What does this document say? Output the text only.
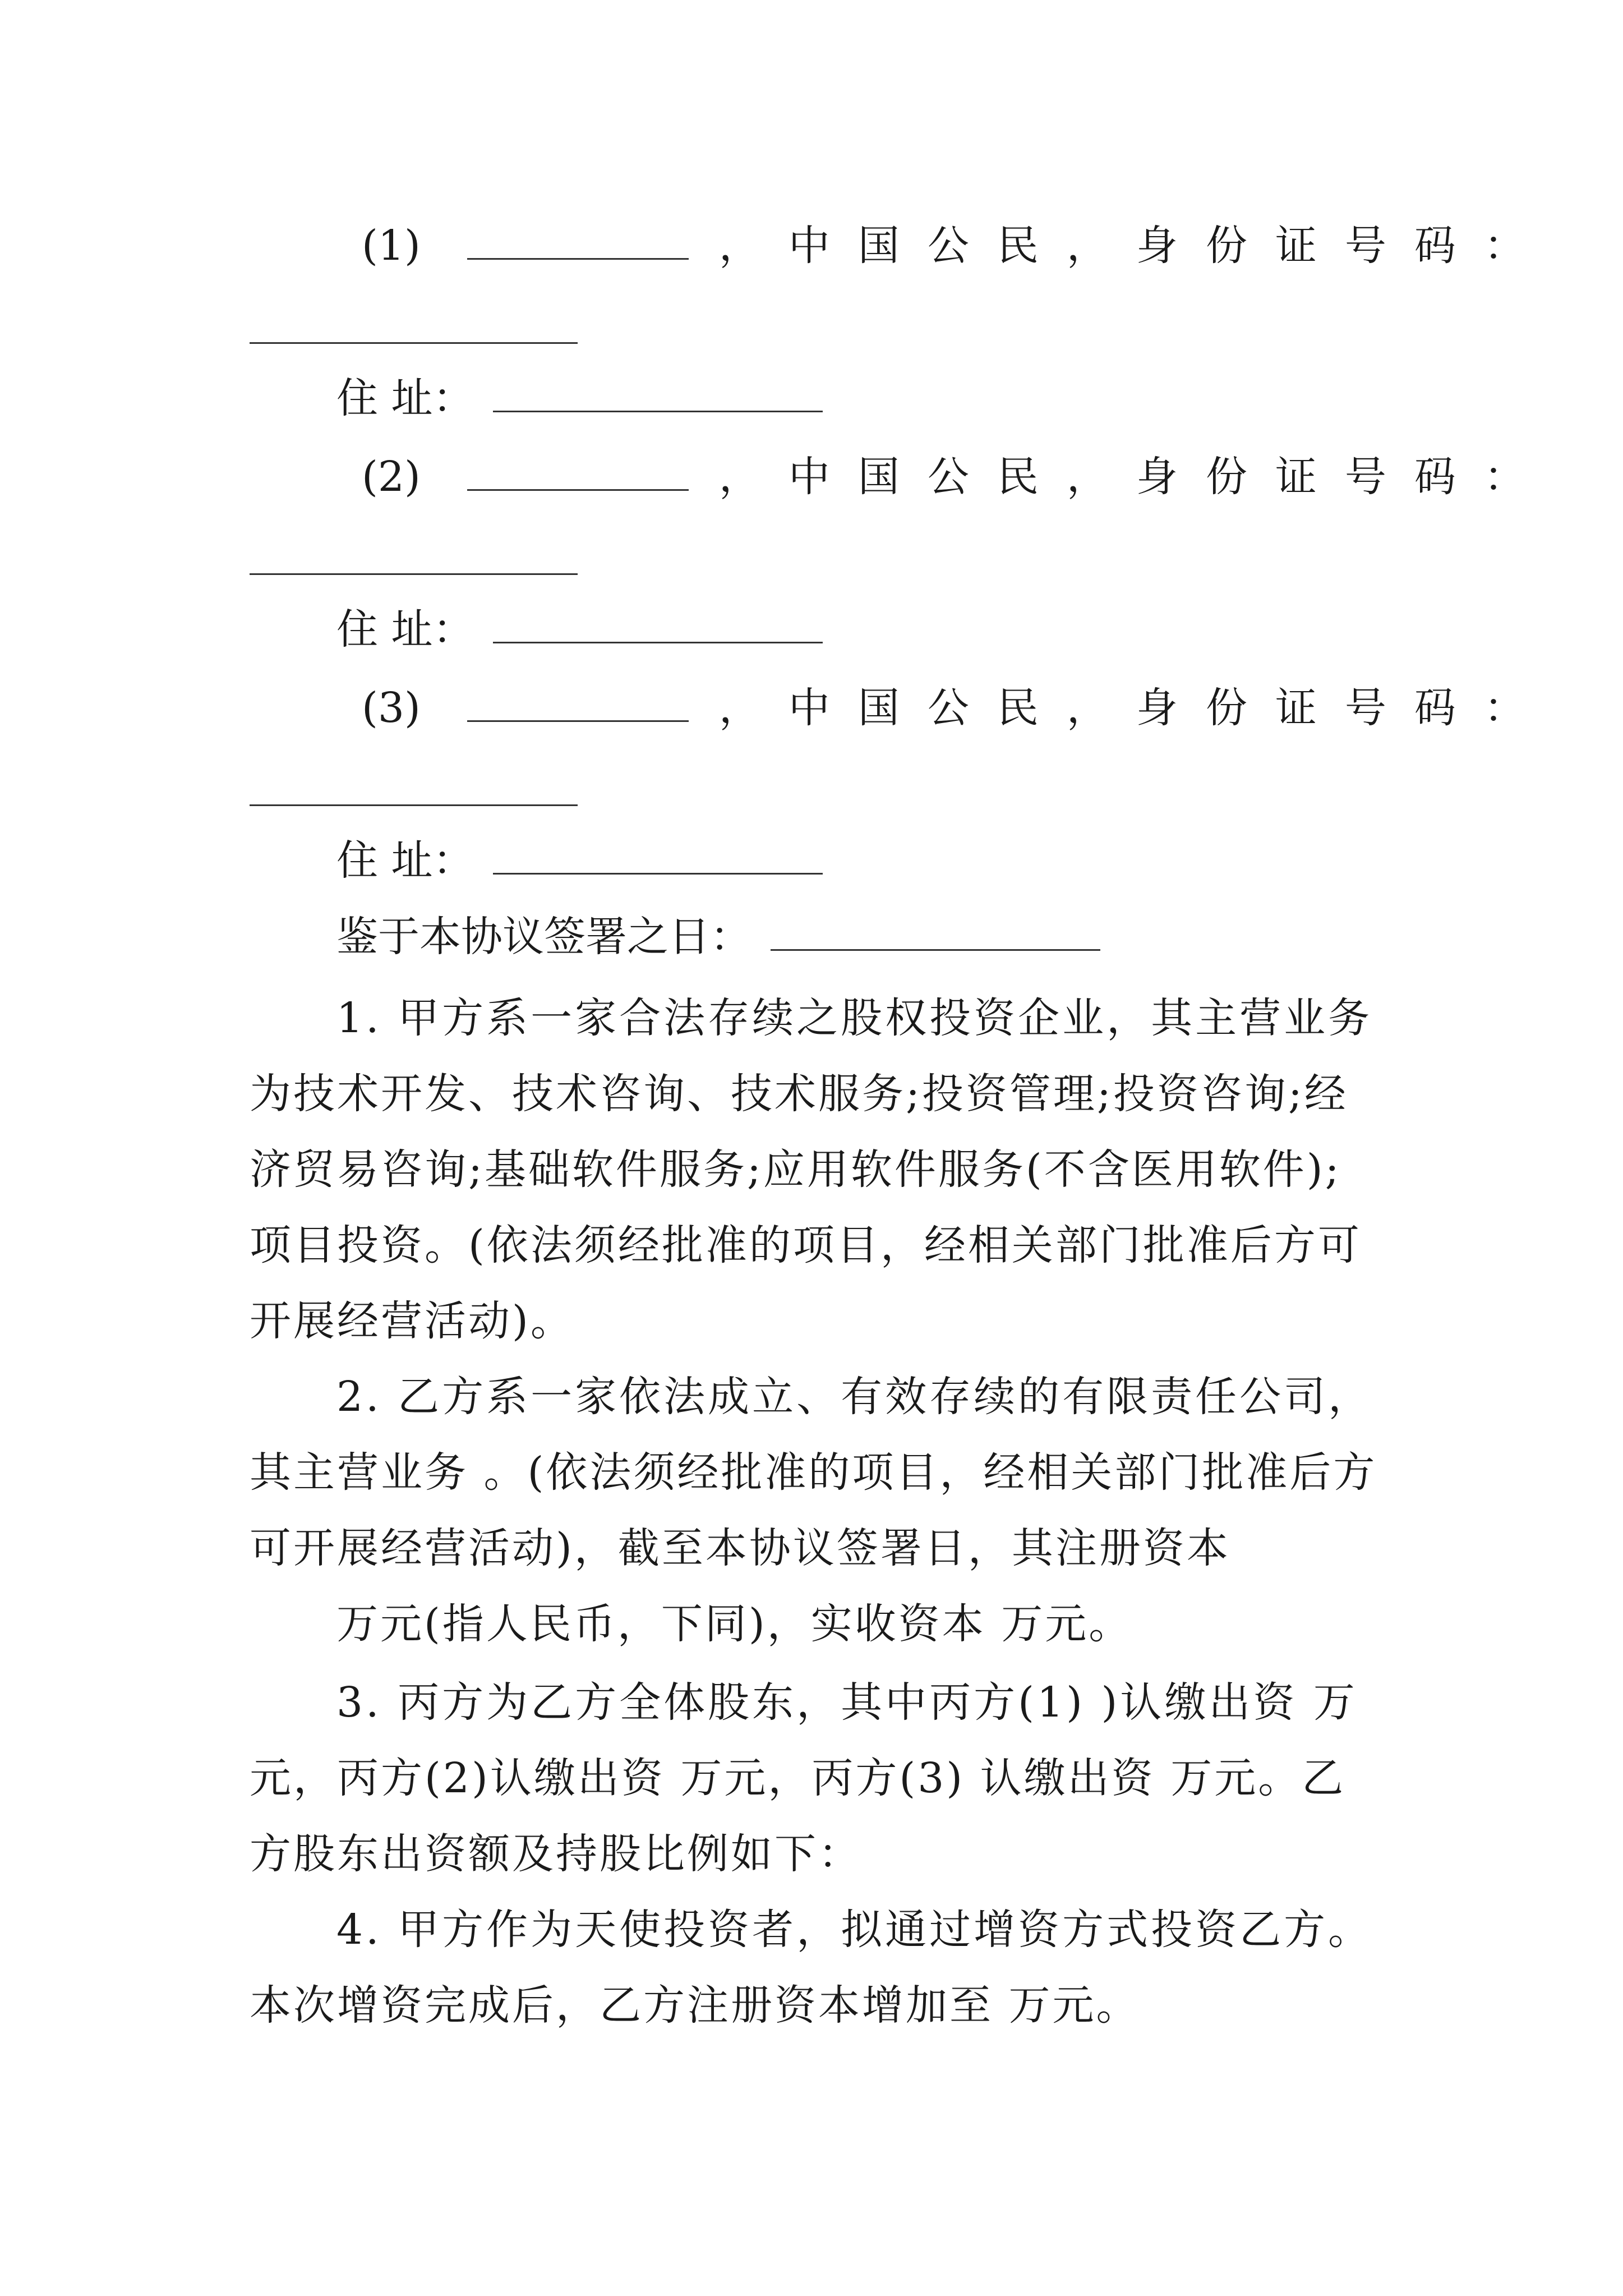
(1)	，中国公民，身份证号码：
住 址：
(2)	，中国公民，身份证号码：
住 址：
(3)	，中国公民，身份证号码：
住 址：
鉴于本协议签署之日：
1. 甲方系一家合法存续之股权投资企业，其主营业务
为技术开发、技术咨询、技术服务;投资管理;投资咨询;经
济贸易咨询;基础软件服务;应用软件服务(不含医用软件);
项目投资。(依法须经批准的项目，经相关部门批准后方可
开展经营活动)。
2. 乙方系一家依法成立、有效存续的有限责任公司，
其主营业务 。(依法须经批准的项目，经相关部门批准后方
可开展经营活动)，截至本协议签署日，其注册资本
万元(指人民币，下同)，实收资本 万元。
3. 丙方为乙方全体股东，其中丙方(1) )认缴出资 万
元，丙方(2)认缴出资 万元，丙方(3) 认缴出资 万元。乙
方股东出资额及持股比例如下：
4. 甲方作为天使投资者，拟通过增资方式投资乙方。
本次增资完成后，乙方注册资本增加至 万元。
